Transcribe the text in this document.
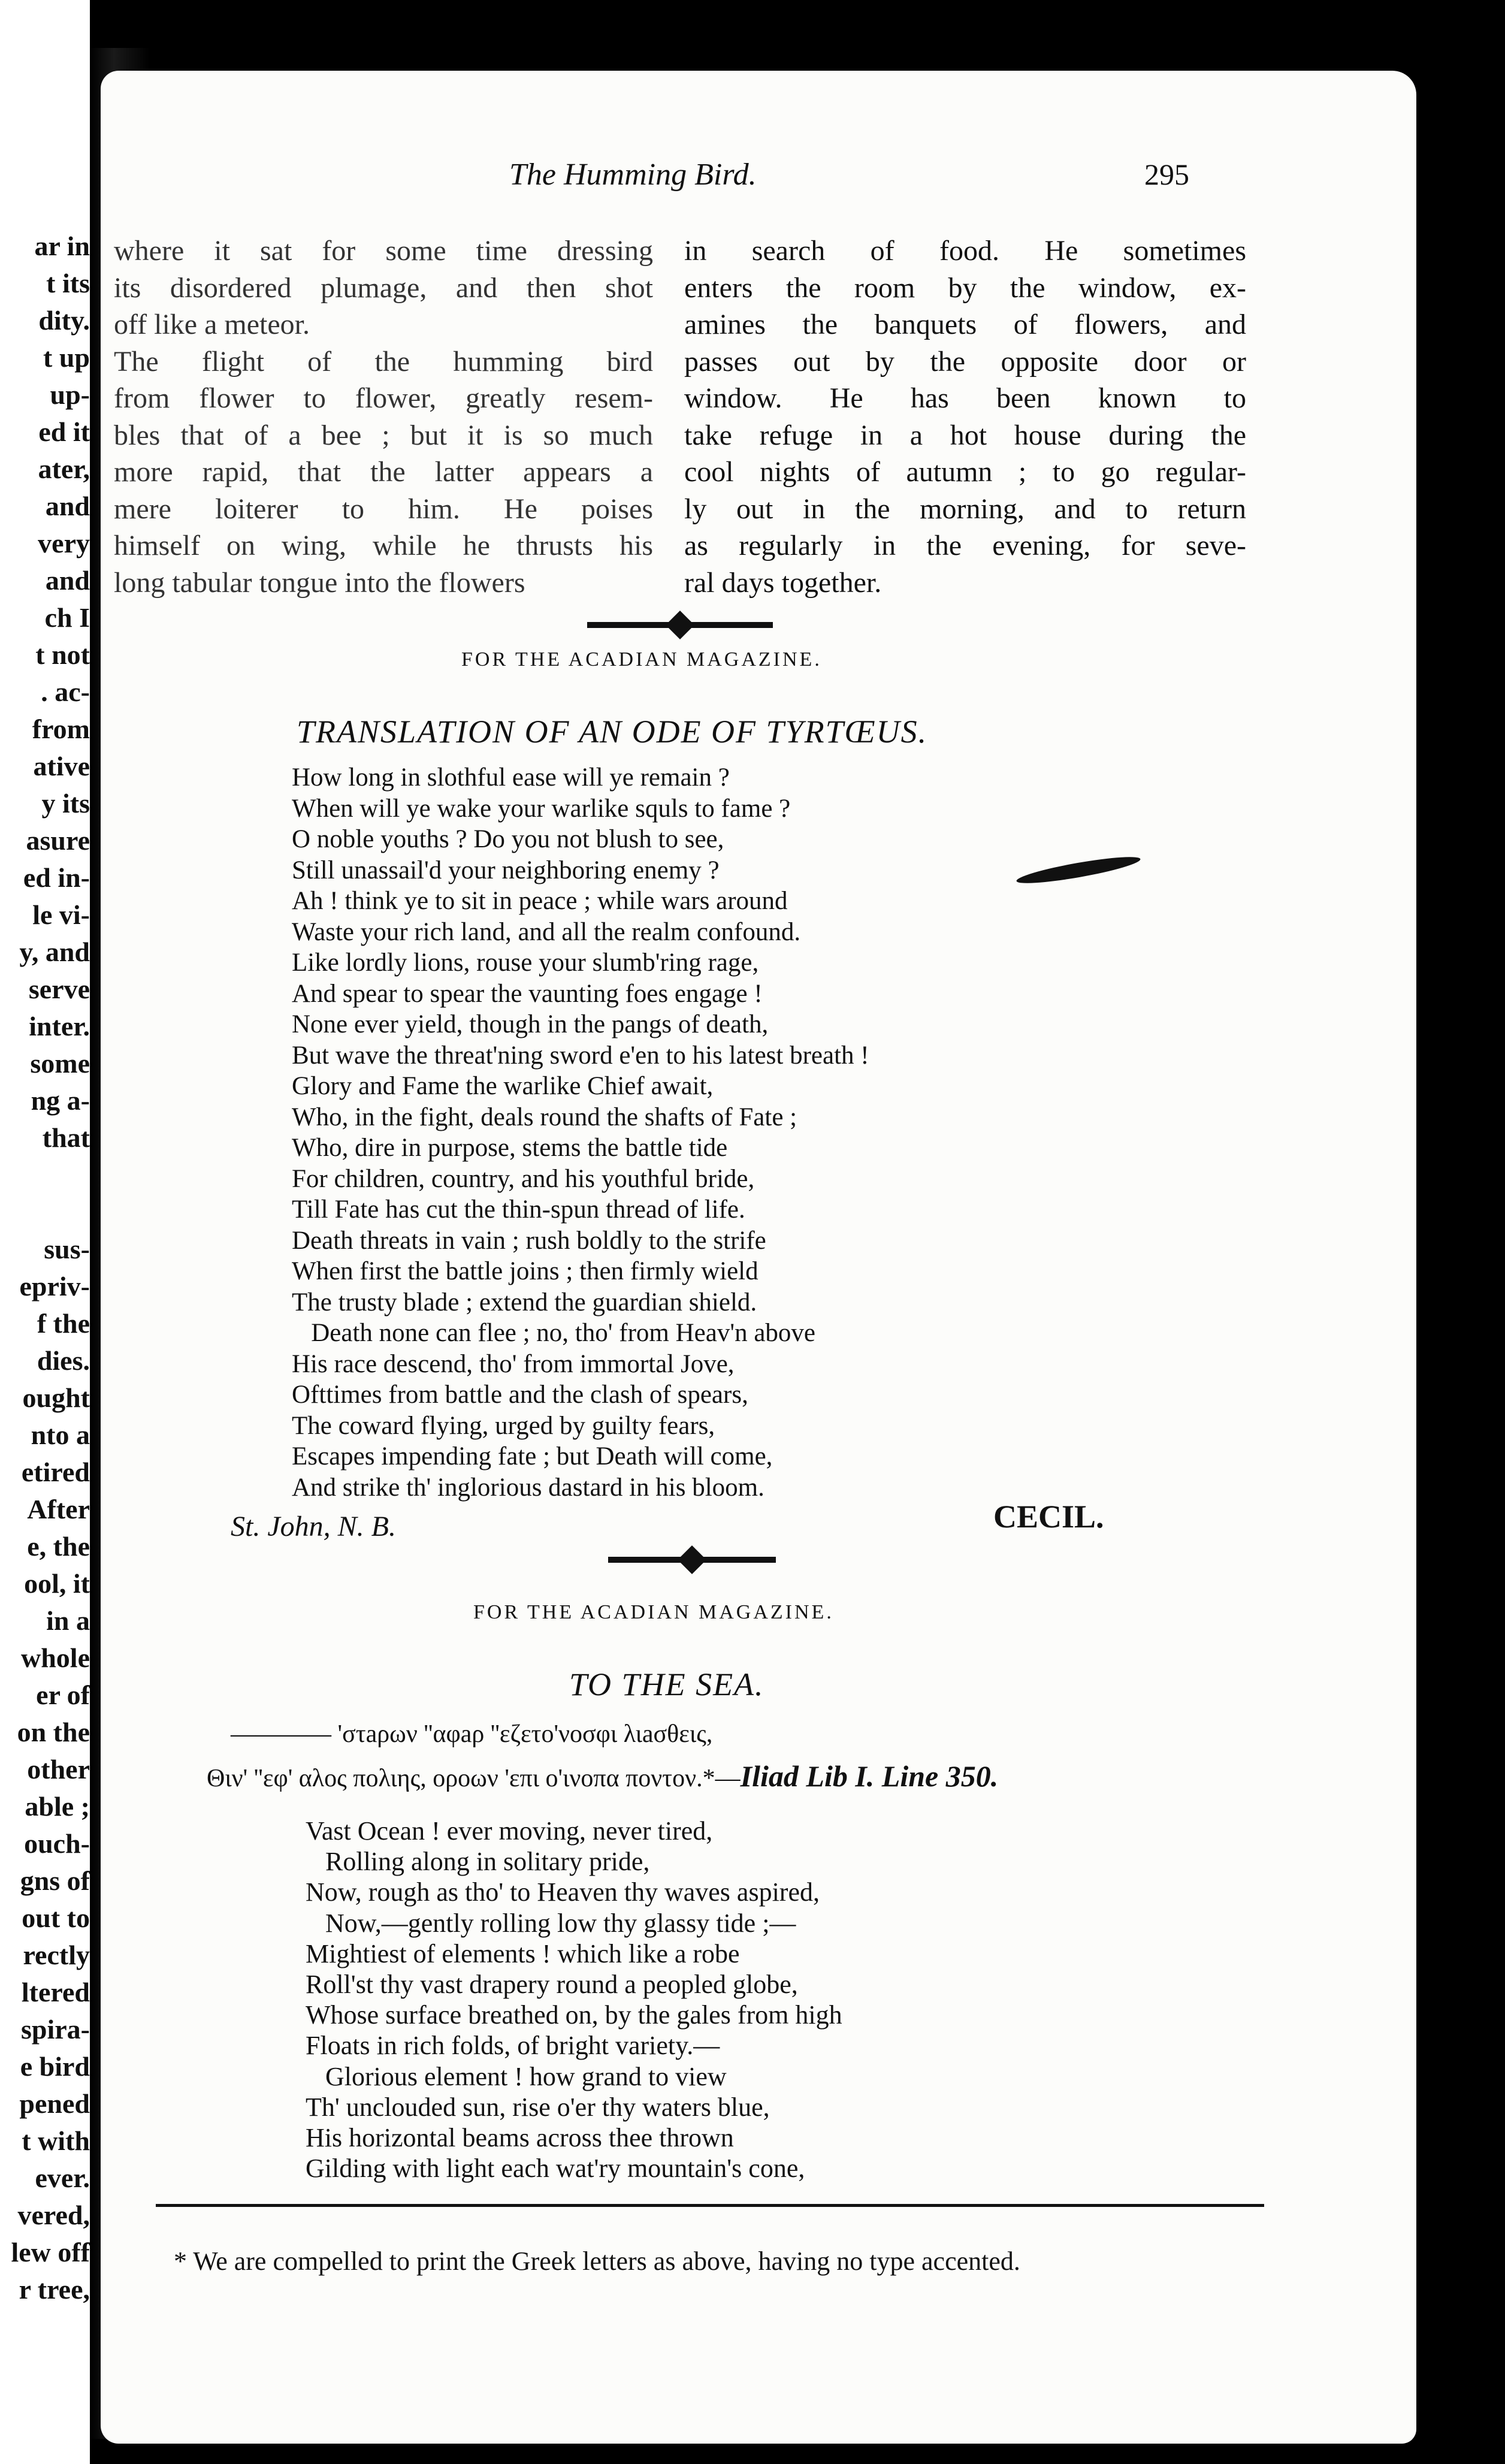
ar in
t its
dity.
t up
up-
ed it
ater,
and
very
and
ch I
t not
. ac-
from
ative
y its
asure
ed in-
le vi-
y, and
serve
inter.
some
ng a-
that
sus-
epriv-
f the
dies.
ought
nto a
etired
After
e, the
ool, it
in a
whole
er of
on the
other
able ;
ouch-
gns of
out to
rectly
ltered
spira-
e bird
pened
t with
ever.
vered,
lew off
r tree,
The Humming Bird.	295
where it sat for some time dressing
its disordered plumage, and then shot
off like a meteor.
The flight of the humming bird
from flower to flower, greatly resem-
bles that of a bee ; but it is so much
more rapid, that the latter appears a
mere loiterer to him. He poises
himself on wing, while he thrusts his
long tabular tongue into the flowers
in search of food. He sometimes
enters the room by the window, ex-
amines the banquets of flowers, and
passes out by the opposite door or
window. He has been known to
take refuge in a hot house during the
cool nights of autumn ; to go regular-
ly out in the morning, and to return
as regularly in the evening, for seve-
ral days together.
FOR THE ACADIAN MAGAZINE.
TRANSLATION OF AN ODE OF TYRTŒUS.
How long in slothful ease will ye remain ?
When will ye wake your warlike squls to fame ?
O noble youths ? Do you not blush to see,
Still unassail'd your neighboring enemy ?
Ah ! think ye to sit in peace ; while wars around
Waste your rich land, and all the realm confound.
Like lordly lions, rouse your slumb'ring rage,
And spear to spear the vaunting foes engage !
None ever yield, though in the pangs of death,
But wave the threat'ning sword e'en to his latest breath !
Glory and Fame the warlike Chief await,
Who, in the fight, deals round the shafts of Fate ;
Who, dire in purpose, stems the battle tide
For children, country, and his youthful bride,
Till Fate has cut the thin-spun thread of life.
Death threats in vain ; rush boldly to the strife
When first the battle joins ; then firmly wield
The trusty blade ; extend the guardian shield.
Death none can flee ; no, tho' from Heav'n above
His race descend, tho' from immortal Jove,
Ofttimes from battle and the clash of spears,
The coward flying, urged by guilty fears,
Escapes impending fate ; but Death will come,
And strike th' inglorious dastard in his bloom.
St. John, N. B.	CECIL.
FOR THE ACADIAN MAGAZINE.
TO THE SEA.
———— 'στaρων ''αφaρ ''εζετο'νοσφι λιaσθεις,
Θιν' ''εφ' αλος πολιης, οροων 'επι ο'ινοπα ποντον.*—Iliad Lib I. Line 350.
Vast Ocean ! ever moving, never tired,
Rolling along in solitary pride,
Now, rough as tho' to Heaven thy waves aspired,
Now,—gently rolling low thy glassy tide ;—
Mightiest of elements ! which like a robe
Roll'st thy vast drapery round a peopled globe,
Whose surface breathed on, by the gales from high
Floats in rich folds, of bright variety.—
Glorious element ! how grand to view
Th' unclouded sun, rise o'er thy waters blue,
His horizontal beams across thee thrown
Gilding with light each wat'ry mountain's cone,
* We are compelled to print the Greek letters as above, having no type accented.
